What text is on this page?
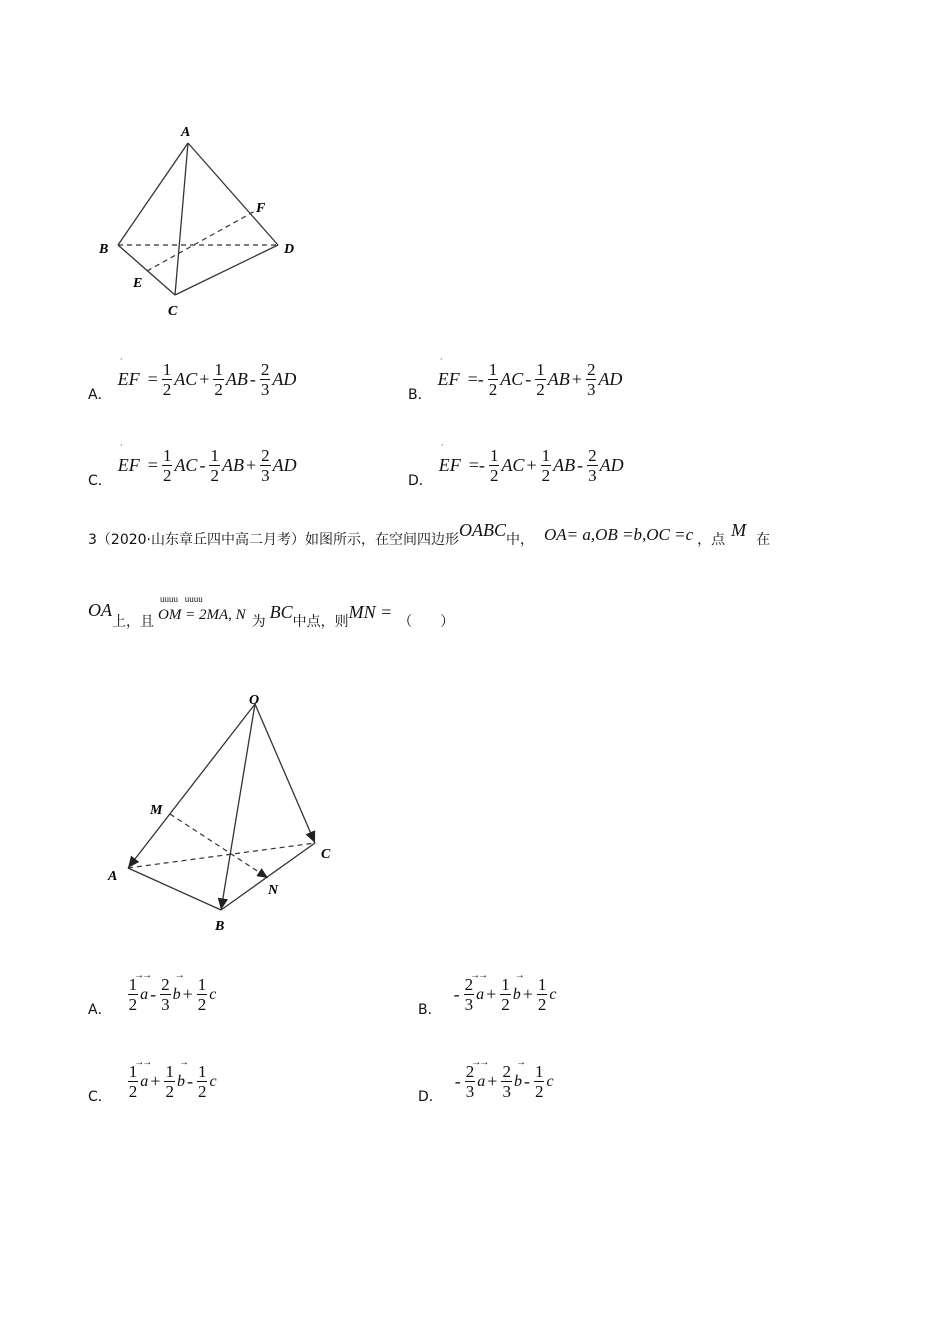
A
B
C
D
E
F
A．
ʾ
EF = $\frac{1}{2}$ AC + $\frac{1}{2}$ AB - $\frac{2}{3}$ AD
B．
ʾ
EF =- $\frac{1}{2}$ AC - $\frac{1}{2}$ AB + $\frac{2}{3}$ AD
C．
ʾ
EF = $\frac{1}{2}$ AC - $\frac{1}{2}$ AB + $\frac{2}{3}$ AD
D．
ʾ
EF =- $\frac{1}{2}$ AC + $\frac{1}{2}$ AB - $\frac{2}{3}$ AD
3（2020·山东章丘四中高二月考）如图所示，在空间四边形 OABC 中， OA= a,OB =b,OC =c ，点 M 在
OA
上，且
uuuu   uuuu
OM = 2MA, N 为 BC 中点，则 MN = （　　）
O
M
A
B
C
N
A． $\frac{1}{2}$
→→
a - $\frac{2}{3}$ →
$b + \frac{1}{2}$ c
B．
- $\frac{2}{3}$
→→
$a + \frac{1}{2}$ →
$b + \frac{1}{2}$ c
C． $\frac{1}{2}$
→→
$a + \frac{1}{2}$ →
b - $\frac{1}{2}$ c
D．
- $\frac{2}{3}$
→→
$a + \frac{2}{3}$ →
b - $\frac{1}{2}$ c
